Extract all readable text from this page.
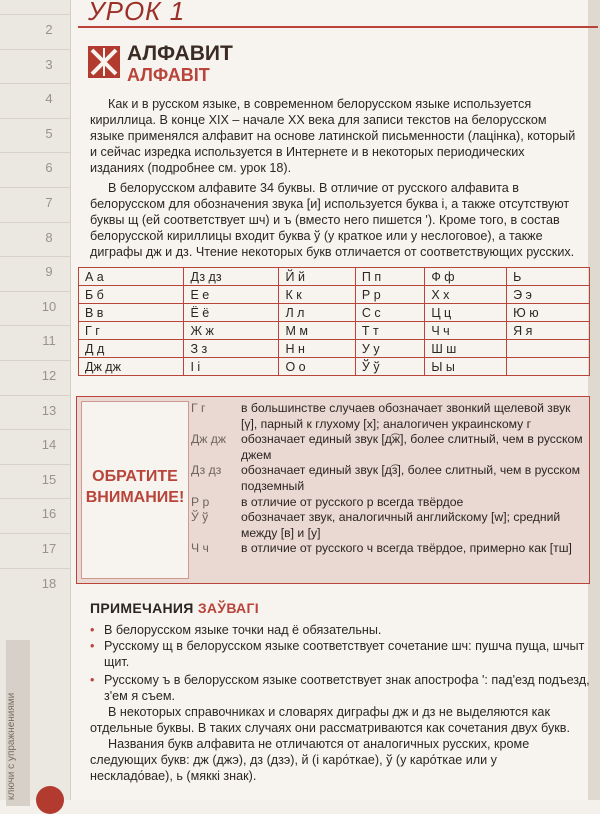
2
3
4
5
6
7
8
9
10
11
12
13
14
15
16
17
18
ключи с упражнениями
УРОК 1
АЛФАВИТ
АЛФАВІТ
Как и в русском языке, в современном белорусском языке используется кириллица. В конце XIX – начале XX века для записи текстов на белорусском языке применялся алфавит на основе латинской письменности (лацінка), который и сейчас изредка используется в Интернете и в некоторых периодических изданиях (подробнее см. урок 18).
В белорусском алфавите 34 буквы. В отличие от русского алфавита в белорусском для обозначения звука [и] используется буква і, а также отсутствуют буквы щ (ей соответствует шч) и ъ (вместо него пишется '). Кроме того, в состав белорусской кириллицы входит буква ў (у краткое или у неслоговое), а также диграфы дж и дз. Чтение некоторых букв отличается от соответствующих русских.
А а	Дз дз	Й й	П п	Ф ф	Ь
Б б	Е е	К к	Р р	Х х	Э э
В в	Ё ё	Л л	С с	Ц ц	Ю ю
Г г	Ж ж	М м	Т т	Ч ч	Я я
Д д	З з	Н н	У у	Ш ш	
Дж дж	І і	О о	Ў ў	Ы ы	
ОБРАТИТЕ
ВНИМАНИЕ!
Г г	в большинстве случаев обозначает звонкий щелевой звук [γ], парный к глухому [х]; аналогичен украинскому г
Дж дж	обозначает единый звук [д͡ж], более слитный, чем в русском джем
Дз дз	обозначает единый звук [д͡з], более слитный, чем в русском подземный
Р р	в отличие от русского р всегда твёрдое
Ў ў	обозначает звук, аналогичный английскому [w]; средний между [в] и [у]
Ч ч	в отличие от русского ч всегда твёрдое, примерно как [тш]
ПРИМЕЧАНИЯ ЗАЎВАГІ
• В белорусском языке точки над ё обязательны.
• Русскому щ в белорусском языке соответствует сочетание шч: пушча пуща, шчыт щит.
• Русскому ъ в белорусском языке соответствует знак апострофа ': пад'езд подъезд, з'ем я съем.
В некоторых справочниках и словарях диграфы дж и дз не выделяются как отдельные буквы. В таких случаях они рассматриваются как сочетания двух букв.
Названия букв алфавита не отличаются от аналогичных русских, кроме следующих букв: дж (джэ), дз (дзэ), й (і каро́ткае), ў (у каро́ткае или у нескладо́вае), ь (мяккі знак).
